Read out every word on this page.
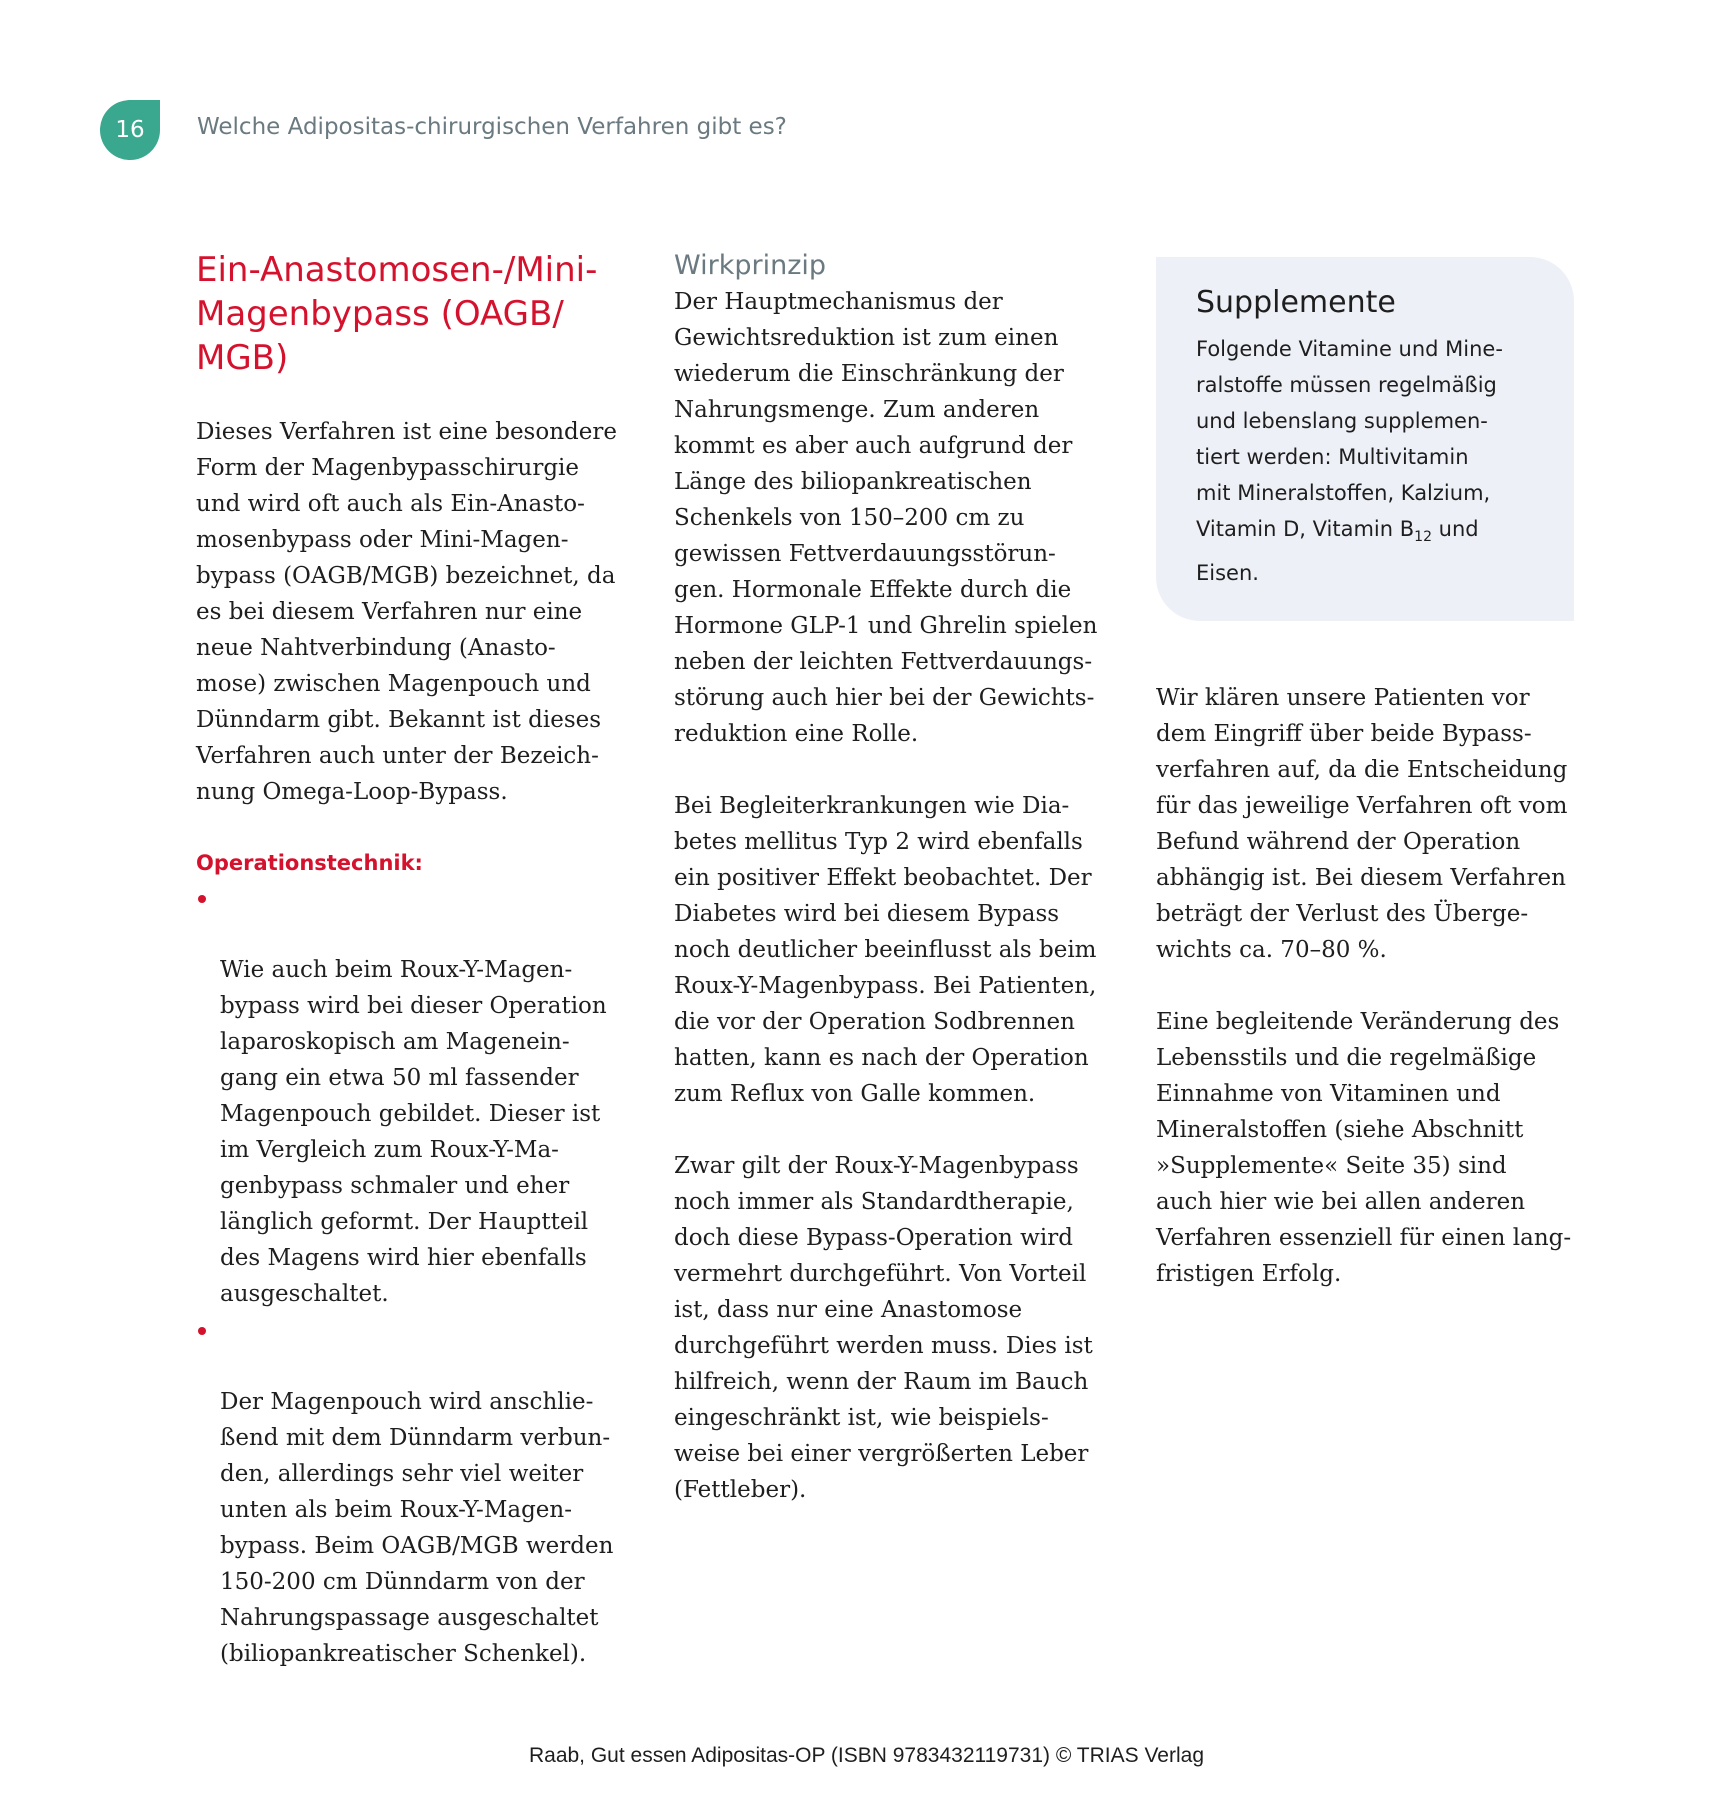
16 Welche Adipositas-chirurgischen Verfahren gibt es?
Ein-Anastomosen-/Mini-
Magenbypass (OAGB/
MGB)

Dieses Verfahren ist eine besondere
Form der Magenbypasschirurgie
und wird oft auch als Ein-Anasto-
mosenbypass oder Mini-Magen-
bypass (OAGB/MGB) bezeichnet, da
es bei diesem Verfahren nur eine
neue Nahtverbindung (Anasto-
mose) zwischen Magenpouch und
Dünndarm gibt. Bekannt ist dieses
Verfahren auch unter der Bezeich-
nung Omega-Loop-Bypass.

Operationstechnik:

Wie auch beim Roux-Y-Magen-
bypass wird bei dieser Operation
laparoskopisch am Magenein-
gang ein etwa 50 ml fassender
Magenpouch gebildet. Dieser ist
im Vergleich zum Roux-Y-Ma-
genbypass schmaler und eher
länglich geformt. Der Hauptteil
des Magens wird hier ebenfalls
ausgeschaltet.

Der Magenpouch wird anschlie-
ßend mit dem Dünndarm verbun-
den, allerdings sehr viel weiter
unten als beim Roux-Y-Magen-
bypass. Beim OAGB/MGB werden
150-200 cm Dünndarm von der
Nahrungspassage ausgeschaltet
(biliopankreatischer Schenkel).

Wirkprinzip

Der Hauptmechanismus der
Gewichtsreduktion ist zum einen
wiederum die Einschränkung der
Nahrungsmenge. Zum anderen
kommt es aber auch aufgrund der
Länge des biliopankreatischen
Schenkels von 150–200 cm zu
gewissen Fettverdauungsstörun-
gen. Hormonale Effekte durch die
Hormone GLP-1 und Ghrelin spielen
neben der leichten Fettverdauungs-
störung auch hier bei der Gewichts-
reduktion eine Rolle.

Bei Begleiterkrankungen wie Dia-
betes mellitus Typ 2 wird ebenfalls
ein positiver Effekt beobachtet. Der
Diabetes wird bei diesem Bypass
noch deutlicher beeinflusst als beim
Roux-Y-Magenbypass. Bei Patienten,
die vor der Operation Sodbrennen
hatten, kann es nach der Operation
zum Reflux von Galle kommen.

Zwar gilt der Roux-Y-Magenbypass
noch immer als Standardtherapie,
doch diese Bypass-Operation wird
vermehrt durchgeführt. Von Vorteil
ist, dass nur eine Anastomose
durchgeführt werden muss. Dies ist
hilfreich, wenn der Raum im Bauch
eingeschränkt ist, wie beispiels-
weise bei einer vergrößerten Leber
(Fettleber).

Supplemente

Folgende Vitamine und Mine-
ralstoffe müssen regelmäßig
und lebenslang supplemen-
tiert werden: Multivitamin
mit Mineralstoffen, Kalzium,
Vitamin D, Vitamin $B_{12}$ und
Eisen.

Wir klären unsere Patienten vor
dem Eingriff über beide Bypass-
verfahren auf, da die Entscheidung
für das jeweilige Verfahren oft vom
Befund während der Operation
abhängig ist. Bei diesem Verfahren
beträgt der Verlust des Überge-
wichts ca. 70–80 %.

Eine begleitende Veränderung des
Lebensstils und die regelmäßige
Einnahme von Vitaminen und
Mineralstoffen (siehe Abschnitt
»Supplemente« Seite 35) sind
auch hier wie bei allen anderen
Verfahren essenziell für einen lang-
fristigen Erfolg.

Raab, Gut essen Adipositas-OP (ISBN 9783432119731) © TRIAS Verlag
